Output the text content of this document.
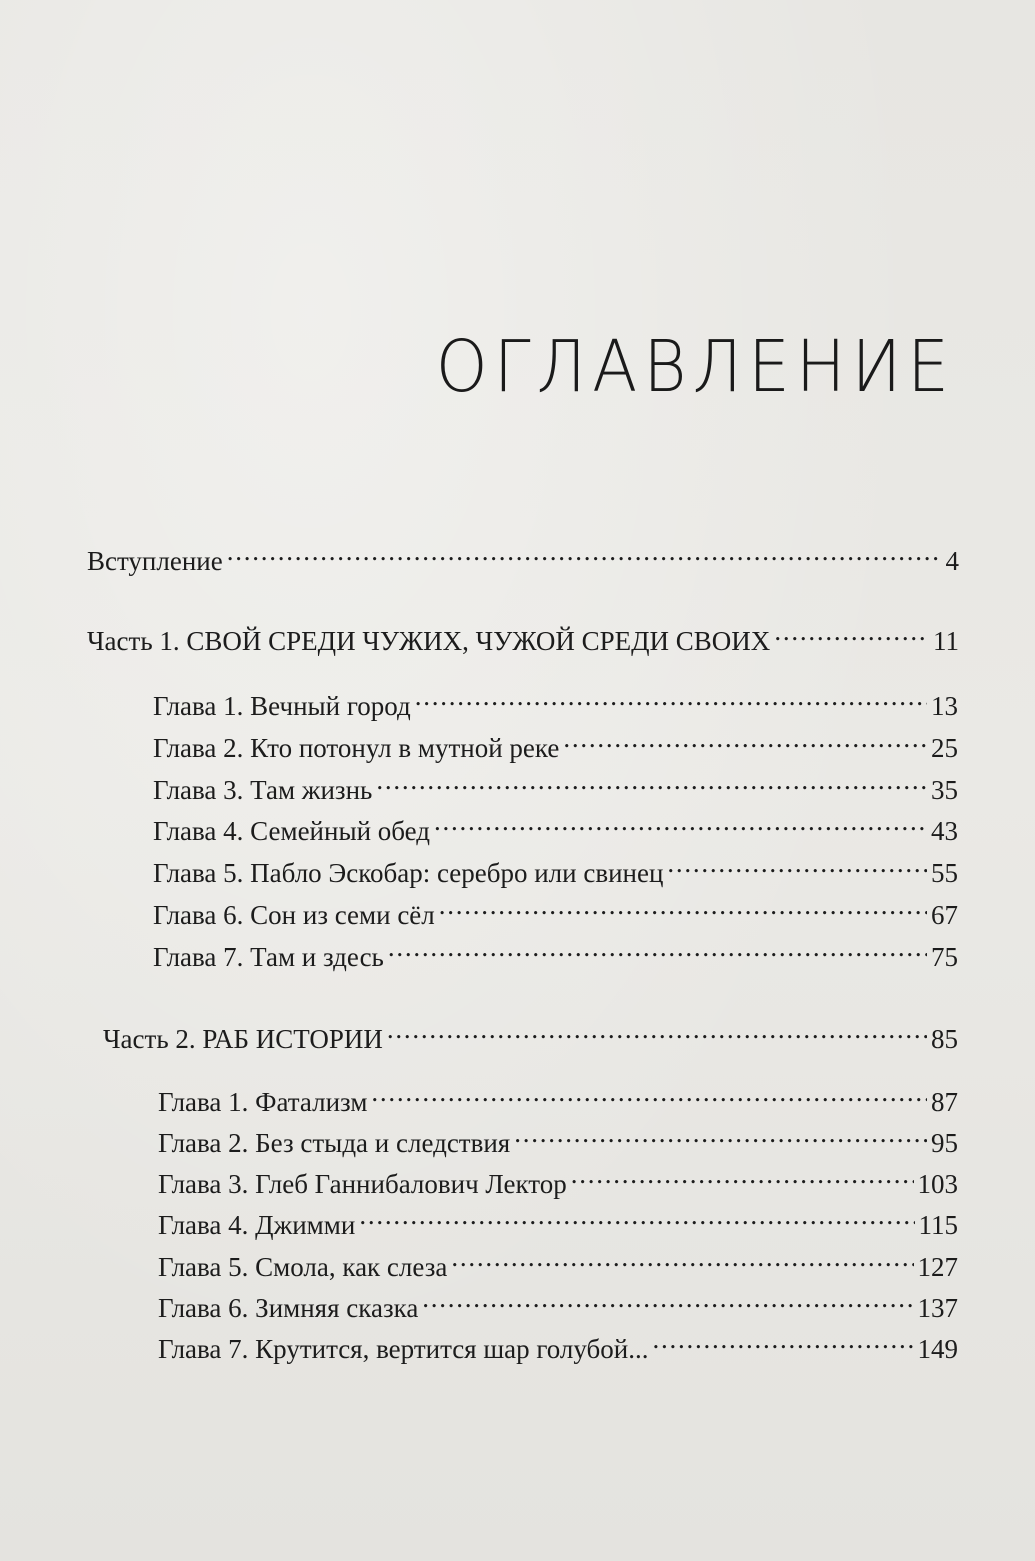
ОГЛАВЛЕНИЕ
Вступление . . .	4
Часть 1. СВОЙ СРЕДИ ЧУЖИХ, ЧУЖОЙ СРЕДИ СВОИХ . . .	11
Глава 1. Вечный город . . .	13
Глава 2. Кто потонул в мутной реке . . .	25
Глава 3. Там жизнь . . .	35
Глава 4. Семейный обед . . .	43
Глава 5. Пабло Эскобар: серебро или свинец . . .	55
Глава 6. Сон из семи сёл . . .	67
Глава 7. Там и здесь . . .	75
Часть 2. РАБ ИСТОРИИ . . .	85
Глава 1. Фатализм . . .	87
Глава 2. Без стыда и следствия . . .	95
Глава 3. Глеб Ганнибалович Лектор . . .	103
Глава 4. Джимми . . .	115
Глава 5. Смола, как слеза . . .	127
Глава 6. Зимняя сказка . . .	137
Глава 7. Крутится, вертится шар голубой... . . .	149
